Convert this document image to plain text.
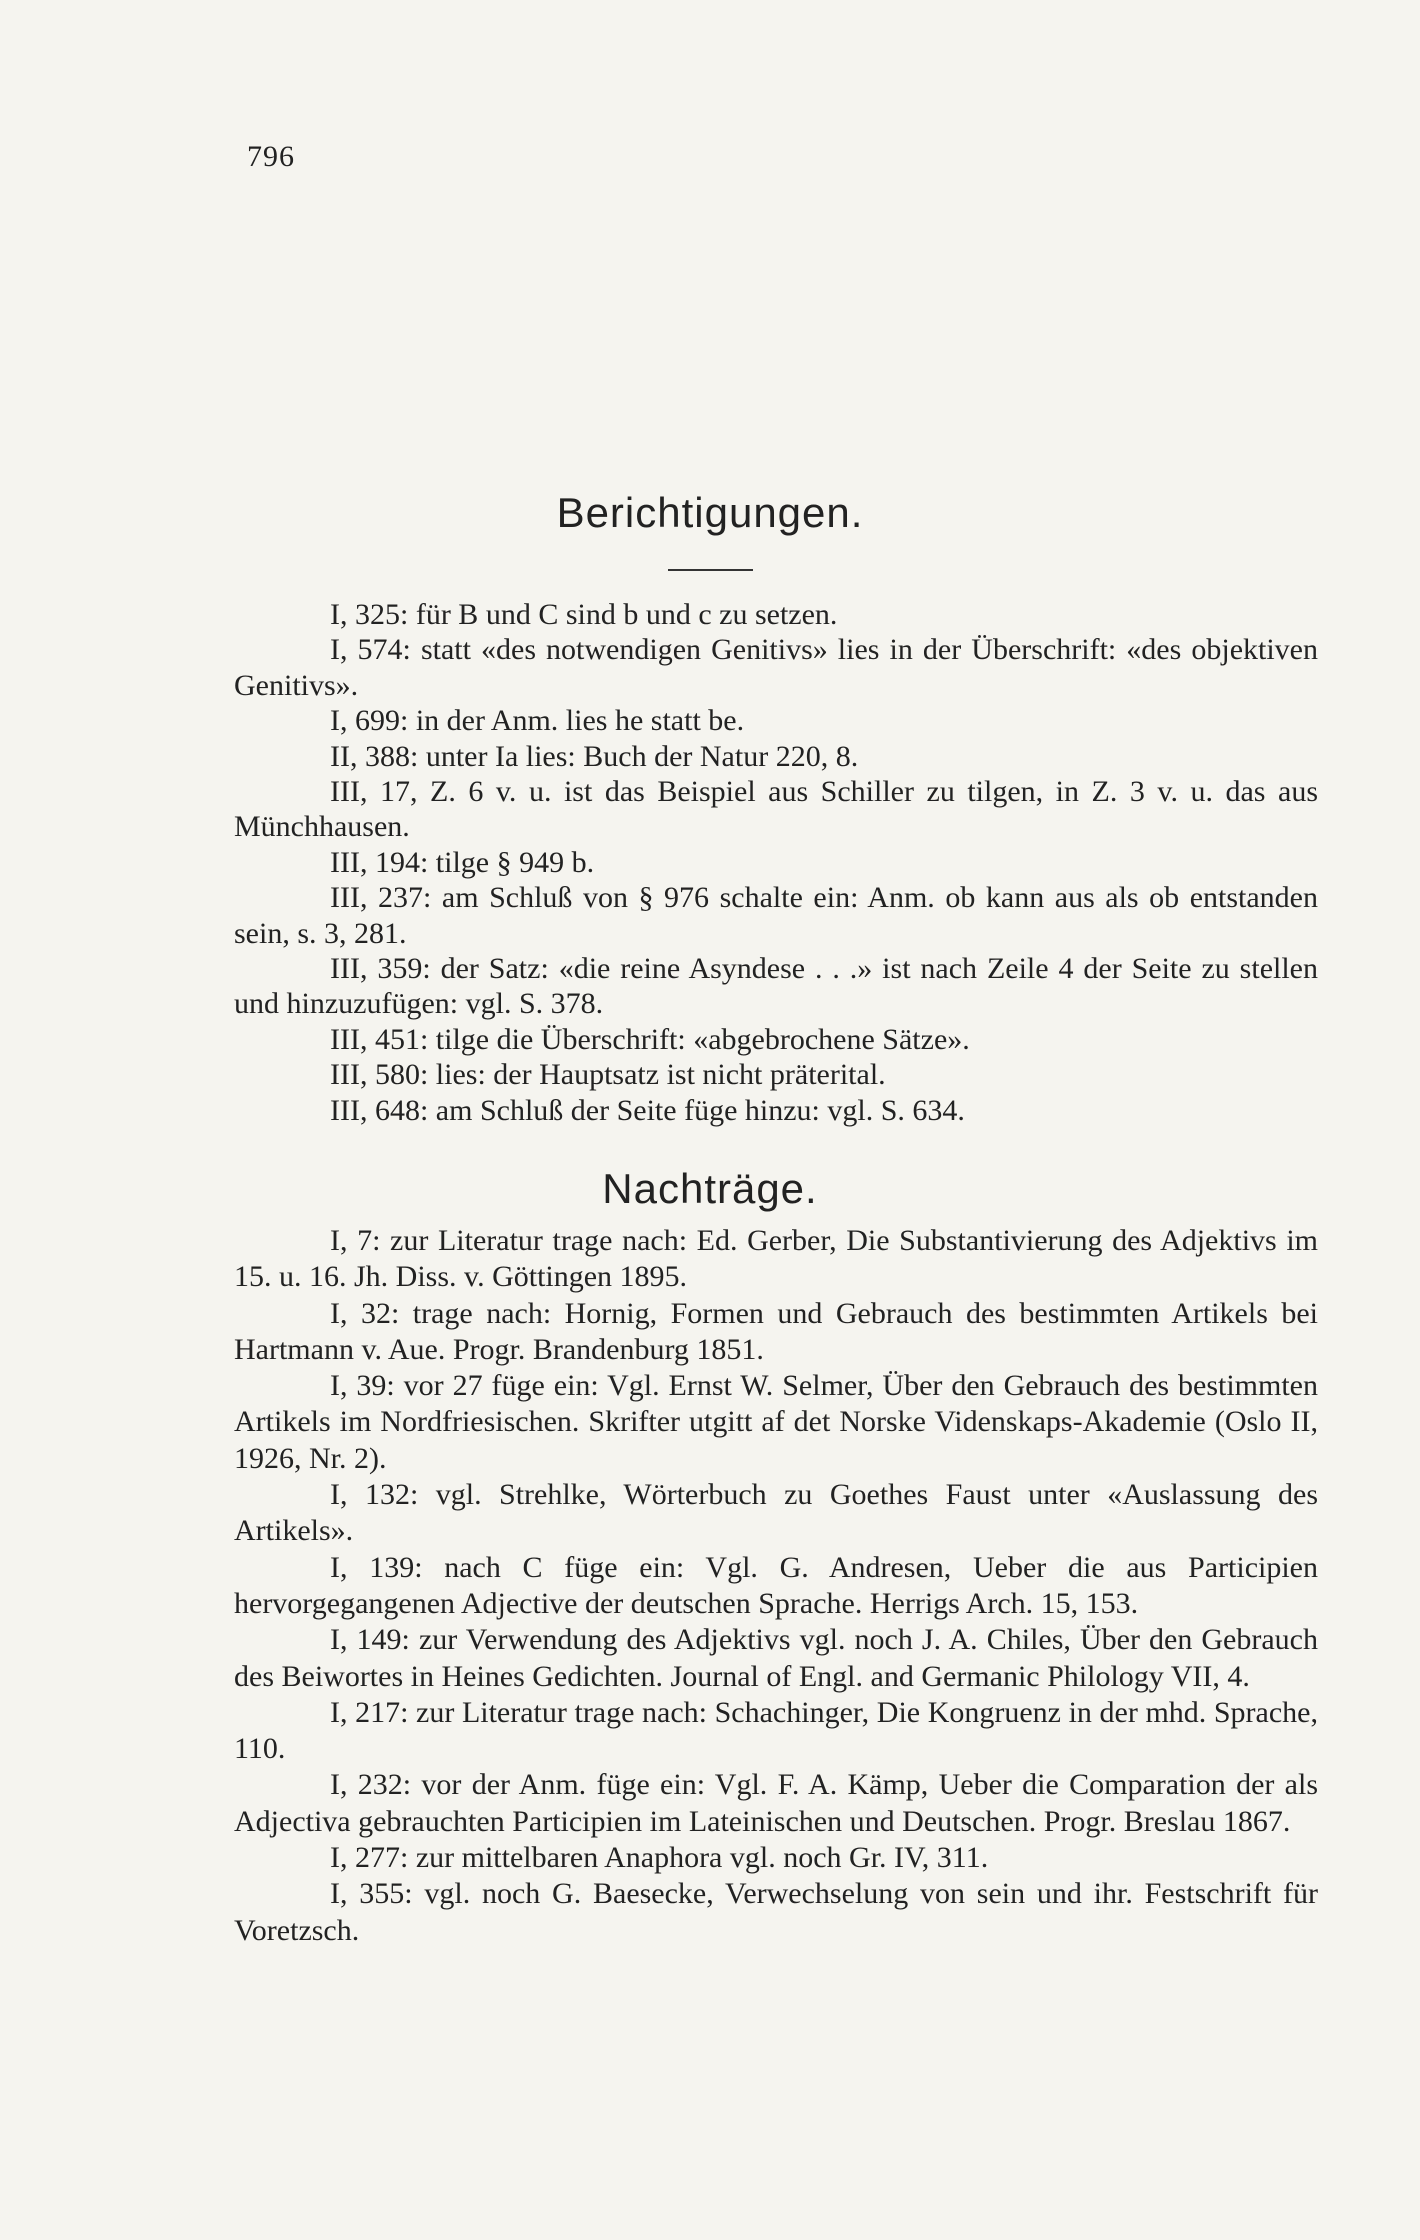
796
Berichtigungen.

I, 325: für B und C sind b und c zu setzen.

I, 574: statt «des notwendigen Genitivs» lies in der Überschrift: «des objektiven Genitivs».

I, 699: in der Anm. lies he statt be.

II, 388: unter Ia lies: Buch der Natur 220, 8.

III, 17, Z. 6 v. u. ist das Beispiel aus Schiller zu tilgen, in Z. 3 v. u. das aus Münchhausen.

III, 194: tilge § 949 b.

III, 237: am Schluß von § 976 schalte ein: Anm. ob kann aus als ob entstanden sein, s. 3, 281.

III, 359: der Satz: «die reine Asyndese . . .» ist nach Zeile 4 der Seite zu stellen und hinzuzufügen: vgl. S. 378.

III, 451: tilge die Überschrift: «abgebrochene Sätze».

III, 580: lies: der Hauptsatz ist nicht präterital.

III, 648: am Schluß der Seite füge hinzu: vgl. S. 634.

Nachträge.

I, 7: zur Literatur trage nach: Ed. Gerber, Die Substantivierung des Adjektivs im 15. u. 16. Jh. Diss. v. Göttingen 1895.

I, 32: trage nach: Hornig, Formen und Gebrauch des bestimmten Artikels bei Hartmann v. Aue. Progr. Brandenburg 1851.

I, 39: vor 27 füge ein: Vgl. Ernst W. Selmer, Über den Gebrauch des bestimmten Artikels im Nordfriesischen. Skrifter utgitt af det Norske Videnskaps-Akademie (Oslo II, 1926, Nr. 2).

I, 132: vgl. Strehlke, Wörterbuch zu Goethes Faust unter «Auslassung des Artikels».

I, 139: nach C füge ein: Vgl. G. Andresen, Ueber die aus Participien hervorgegangenen Adjective der deutschen Sprache. Herrigs Arch. 15, 153.

I, 149: zur Verwendung des Adjektivs vgl. noch J. A. Chiles, Über den Gebrauch des Beiwortes in Heines Gedichten. Journal of Engl. and Germanic Philology VII, 4.

I, 217: zur Literatur trage nach: Schachinger, Die Kongruenz in der mhd. Sprache, 110.

I, 232: vor der Anm. füge ein: Vgl. F. A. Kämp, Ueber die Comparation der als Adjectiva gebrauchten Participien im Lateinischen und Deutschen. Progr. Breslau 1867.

I, 277: zur mittelbaren Anaphora vgl. noch Gr. IV, 311.

I, 355: vgl. noch G. Baesecke, Verwechselung von sein und ihr. Festschrift für Voretzsch.
